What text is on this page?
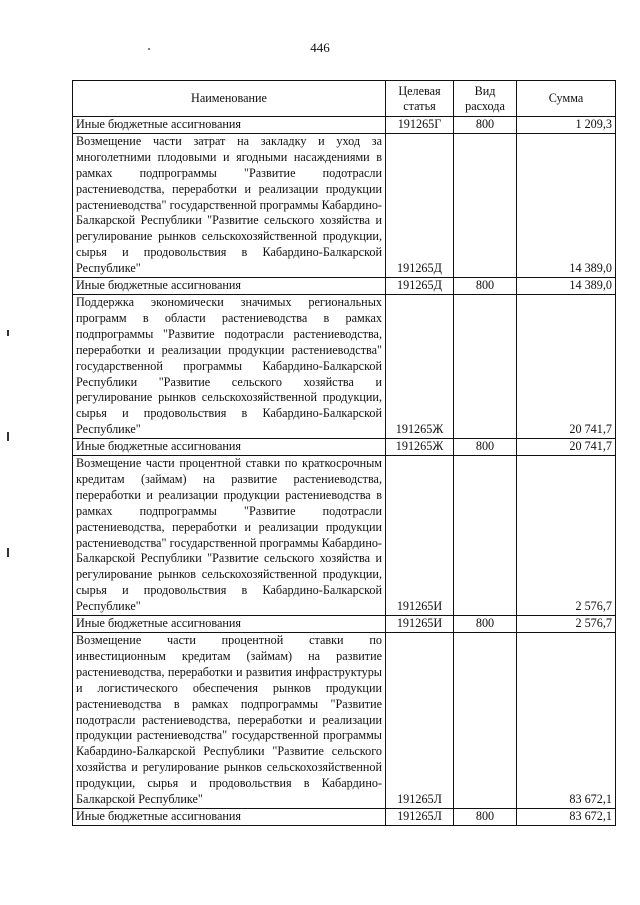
446
Наименование	Целевая статья	Вид расхода	Сумма
Иные бюджетные ассигнования	191265Г	800	1 209,3
Возмещение части затрат на закладку и уход за многолетними плодовыми и ягодными насаждениями в рамках подпрограммы "Развитие подотрасли растениеводства, переработки и реализации продукции растениеводства" государственной программы Кабардино-Балкарской Республики "Развитие сельского хозяйства и регулирование рынков сельскохозяйственной продукции, сырья и продовольствия в Кабардино-Балкарской Республике"	191265Д		14 389,0
Иные бюджетные ассигнования	191265Д	800	14 389,0
Поддержка экономически значимых региональных программ в области растениеводства в рамках подпрограммы "Развитие подотрасли растениеводства, переработки и реализации продукции растениеводства" государственной программы Кабардино-Балкарской Республики "Развитие сельского хозяйства и регулирование рынков сельскохозяйственной продукции, сырья и продовольствия в Кабардино-Балкарской Республике"	191265Ж		20 741,7
Иные бюджетные ассигнования	191265Ж	800	20 741,7
Возмещение части процентной ставки по краткосрочным кредитам (займам) на развитие растениеводства, переработки и реализации продукции растениеводства в рамках подпрограммы "Развитие подотрасли растениеводства, переработки и реализации продукции растениеводства" государственной программы Кабардино-Балкарской Республики "Развитие сельского хозяйства и регулирование рынков сельскохозяйственной продукции, сырья и продовольствия в Кабардино-Балкарской Республике"	191265И		2 576,7
Иные бюджетные ассигнования	191265И	800	2 576,7
Возмещение части процентной ставки по инвестиционным кредитам (займам) на развитие растениеводства, переработки и развития инфраструктуры и логистического обеспечения рынков продукции растениеводства в рамках подпрограммы "Развитие подотрасли растениеводства, переработки и реализации продукции растениеводства" государственной программы Кабардино-Балкарской Республики "Развитие сельского хозяйства и регулирование рынков сельскохозяйственной продукции, сырья и продовольствия в Кабардино-Балкарской Республике"	191265Л		83 672,1
Иные бюджетные ассигнования	191265Л	800	83 672,1
